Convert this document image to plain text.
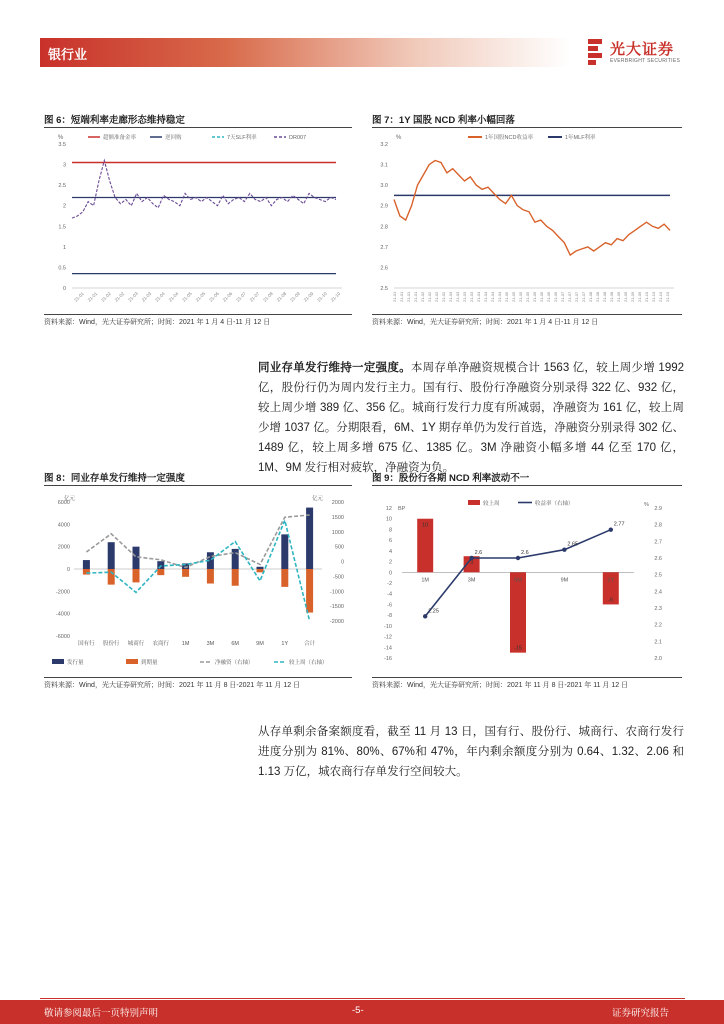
银行业	光大证券
EVERBRIGHT SECURITIES
图 6：短端利率走廊形态维持稳定
%	超额准备金率	逆回购	7天SLF利率	DR007
3.5
3
2.5
2
1.5
1
0.5
0
21-01 21-01 21-02 21-02 21-03 21-03 21-04 21-04 21-05 21-05 21-06 21-06 21-07 21-07 21-08 21-08 21-09 21-09 21-10 21-10
资料来源：Wind，光大证券研究所；时间：2021 年 1 月 4 日-11 月 12 日
图 7：1Y 国股 NCD 利率小幅回落
%	1年国股NCD收益率	1年MLF利率
3.2
3.1
3.0
2.9
2.8
2.7
2.6
2.5
21-01 21-01 21-01 21-01 21-02 21-02 21-02 21-02 21-03 21-03 21-03 21-03 21-04 21-04 21-04 21-04 21-05 21-05 21-05 21-05 21-06 21-06 21-06 21-06 21-07 21-07 21-07 21-07 21-08 21-08 21-08 21-08 21-09 21-09 21-09 21-09 21-10 21-10 21-10 21-10
资料来源：Wind，光大证券研究所；时间：2021 年 1 月 4 日-11 月 12 日
同业存单发行维持一定强度。本周存单净融资规模合计 1563 亿，较上周少增 1992 亿，股份行仍为周内发行主力。国有行、股份行净融资分别录得 322 亿、932 亿，较上周少增 389 亿、356 亿。城商行发行力度有所减弱，净融资为 161 亿，较上周少增 1037 亿。分期限看，6M、1Y 期存单仍为发行首选，净融资分别录得 302 亿、1489 亿，较上周多增 675 亿、1385 亿。3M 净融资小幅多增 44 亿至 170 亿，1M、9M 发行相对疲软，净融资为负。
图 8：同业存单发行维持一定强度
亿元	亿元
6000
4000
2000
0
-2000
-4000
-6000
2000
1500
1000
500
0
-500
-1000
-1500
-2000
国有行 股份行 城商行 农商行 1M	3M	6M	9M	1Y	合计
发行量	到期量	净融资（右轴）	较上周（右轴）
资料来源：Wind，光大证券研究所；时间：2021 年 11 月 8 日-2021 年 11 月 12 日
图 9：股份行各期 NCD 利率波动不一
BP
%
12
10
8
6
4
2
0
-2
-4
-6
-8
-10
-12
-14
-16
2.9
2.8
2.7
2.6
2.5
2.4
2.3
2.2
2.1
2.0
10
1M
3
3M
-15
6M	9M
-6
1Y
2.25
2.6	2.6
2.65
2.77
较上周	收益率（右轴）
资料来源：Wind，光大证券研究所；时间：2021 年 11 月 8 日-2021 年 11 月 12 日
从存单剩余备案额度看，截至 11 月 13 日，国有行、股份行、城商行、农商行发行进度分别为 81%、80%、67%和 47%，年内剩余额度分别为 0.64、1.32、2.06 和 1.13 万亿，城农商行存单发行空间较大。
敬请参阅最后一页特别声明	-5-	证券研究报告
